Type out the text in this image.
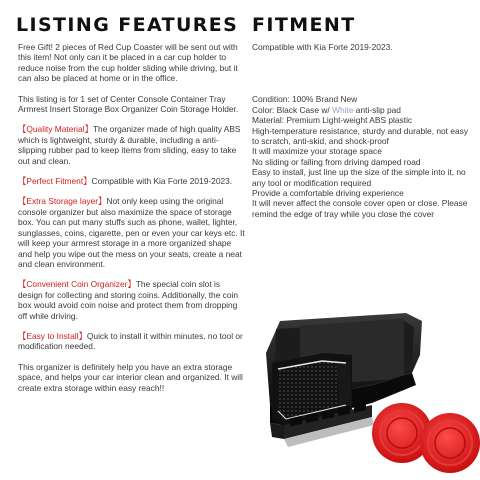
LISTING FEATURES

Free Gift! 2 pieces of Red Cup Coaster will be sent out with this item! Not only can it be placed in a car cup holder to reduce noise from the cup holder sliding while driving, but it can also be placed at home or in the office.

This listing is for 1 set of Center Console Container Tray Armrest Insert Storage Box Organizer Coin Storage Holder.

【Quality Material】The organizer made of high quality ABS which is lightweight, sturdy & durable, including a anti-slipping rubber pad to keep items from sliding, easy to take out and clean.

【Perfect Fitment】Compatible with Kia Forte 2019-2023.

【Extra Storage layer】Not only keep using the original console organizer but also maximize the space of storage box. You can put many stuffs such as phone, wallet, lighter, sunglasses, coins, cigarette, pen or even your car keys etc. It will keep your armrest storage in a more organized shape and help you wipe out the mess on your seats, create a neat and clean environment.

【Convenient Coin Organizer】The special coin slot is design for collecting and storing coins. Additionally, the coin box would avoid coin noise and protect them from dropping off while driving.

【Easy to Install】Quick to install it within minutes, no tool or modification needed.

This organizer is definitely help you have an extra storage space, and helps your car interior clean and organized. It will create extra storage within easy reach!!

FITMENT

Compatible with Kia Forte 2019-2023.

Condition: 100% Brand New

Color: Black Case w/ White anti-slip pad

Material: Premium Light-weight ABS plastic

High-temperature resistance, sturdy and durable, not easy to scratch, anti-skid, and shock-proof

It will maximize your storage space

No sliding or falling from driving damped road

Easy to install, just line up the size of the simple into it, no any tool or modification required

Provide a comfortable driving experience

It will never affect the console cover open or close. Please remind the edge of tray while you close the cover
